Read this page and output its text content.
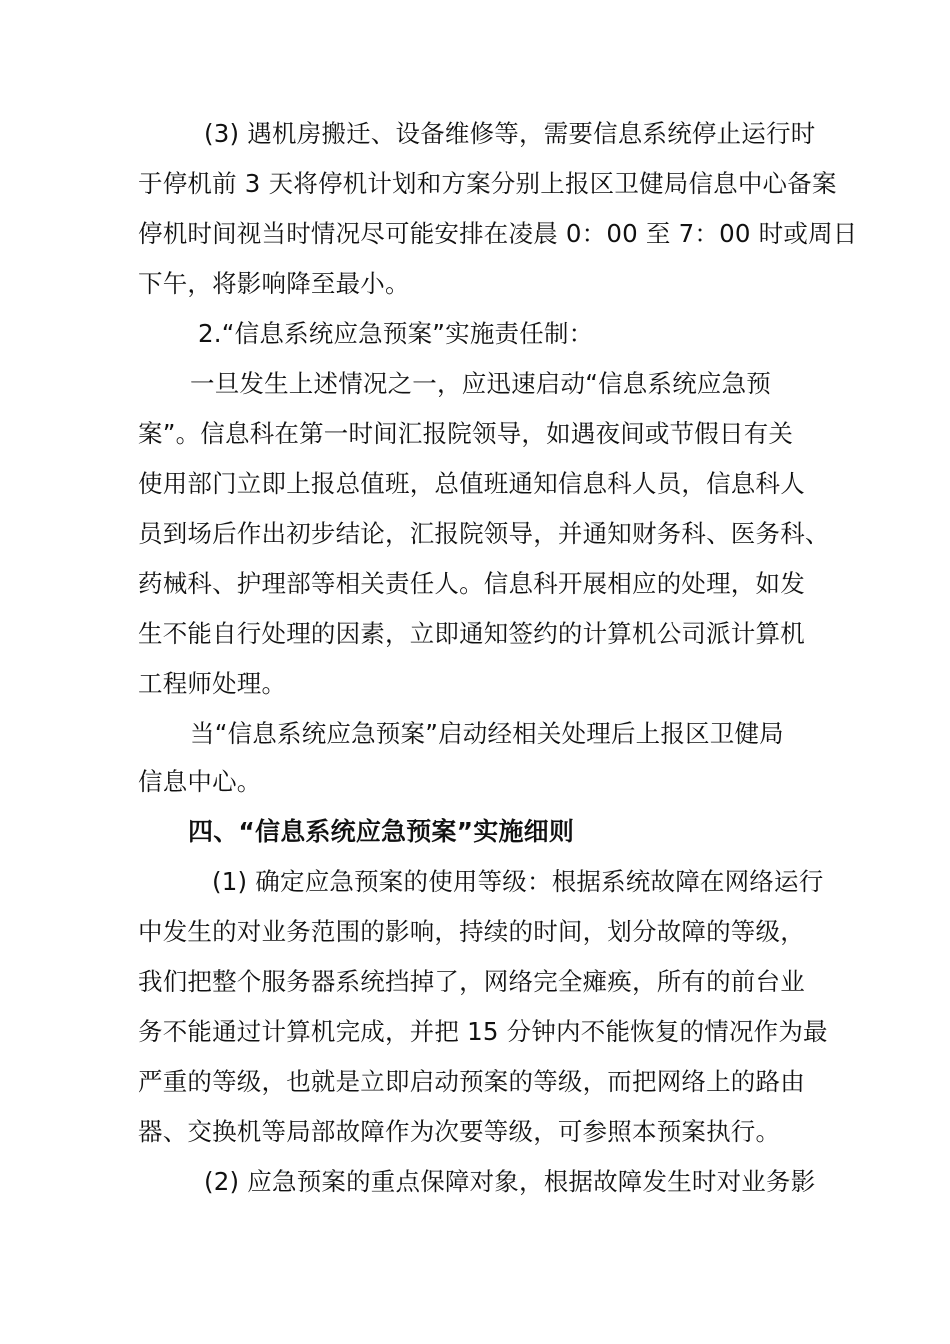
(3) 遇机房搬迁、设备维修等，需要信息系统停止运行时
于停机前 3 天将停机计划和方案分别上报区卫健局信息中心备案
停机时间视当时情况尽可能安排在凌晨 0：00 至 7：00 时或周日
下午，将影响降至最小。
2.“信息系统应急预案”实施责任制：
一旦发生上述情况之一，应迅速启动“信息系统应急预
案”。信息科在第一时间汇报院领导，如遇夜间或节假日有关
使用部门立即上报总值班，总值班通知信息科人员，信息科人
员到场后作出初步结论，汇报院领导，并通知财务科、医务科、
药械科、护理部等相关责任人。信息科开展相应的处理，如发
生不能自行处理的因素，立即通知签约的计算机公司派计算机
工程师处理。
当“信息系统应急预案”启动经相关处理后上报区卫健局
信息中心。
四、“信息系统应急预案”实施细则
(1) 确定应急预案的使用等级：根据系统故障在网络运行
中发生的对业务范围的影响，持续的时间，划分故障的等级，
我们把整个服务器系统挡掉了，网络完全瘫痪，所有的前台业
务不能通过计算机完成，并把 15 分钟内不能恢复的情况作为最
严重的等级，也就是立即启动预案的等级，而把网络上的路由
器、交换机等局部故障作为次要等级，可参照本预案执行。
(2) 应急预案的重点保障对象，根据故障发生时对业务影
